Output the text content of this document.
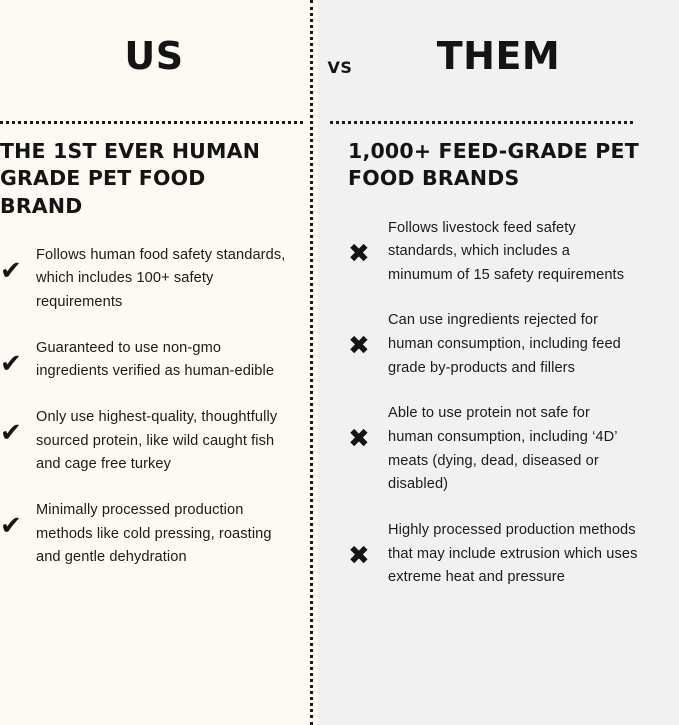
US
THE 1ST EVER HUMAN GRADE PET FOOD BRAND
✔
Follows human food safety standards, which includes 100+ safety requirements
✔
Guaranteed to use non-gmo ingredients verified as human-edible
✔
Only use highest-quality, thoughtfully sourced protein, like wild caught fish and cage free turkey
✔
Minimally processed production methods like cold pressing, roasting and gentle dehydration
THEM
1,000+ FEED-GRADE PET FOOD BRANDS
✖
Follows livestock feed safety standards, which includes a minumum of 15 safety requirements
✖
Can use ingredients rejected for human consumption, including feed grade by-products and fillers
✖
Able to use protein not safe for human consumption, including ‘4D’ meats (dying, dead, diseased or disabled)
✖
Highly processed production methods that may include extrusion which uses extreme heat and pressure
VS
